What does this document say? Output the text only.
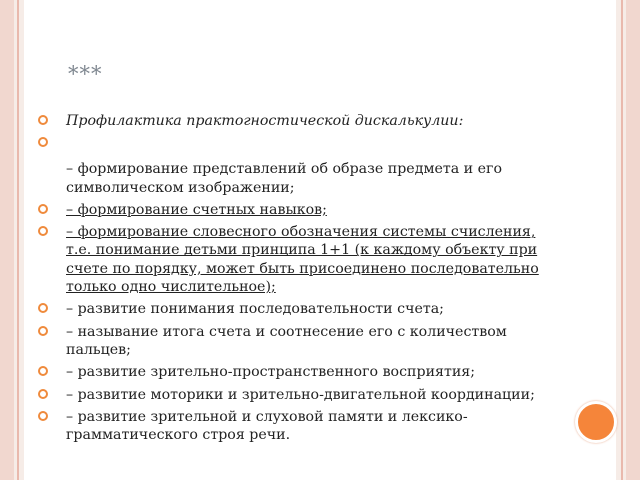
***
Профилактика практогностической дискалькулии:
– формирование представлений об образе предмета и его символическом изображении;
– формирование счетных навыков;
– формирование словесного обозначения системы счисления, т.е. понимание детьми принципа 1+1 (к каждому объекту при счете по порядку, может быть присоединено последовательно только одно числительное);
– развитие понимания последовательности счета;
– называние итога счета и соотнесение его с количеством пальцев;
– развитие зрительно-пространственного восприятия;
– развитие моторики и зрительно-двигательной координации;
– развитие зрительной и слуховой памяти и лексико-грамматического строя речи.
